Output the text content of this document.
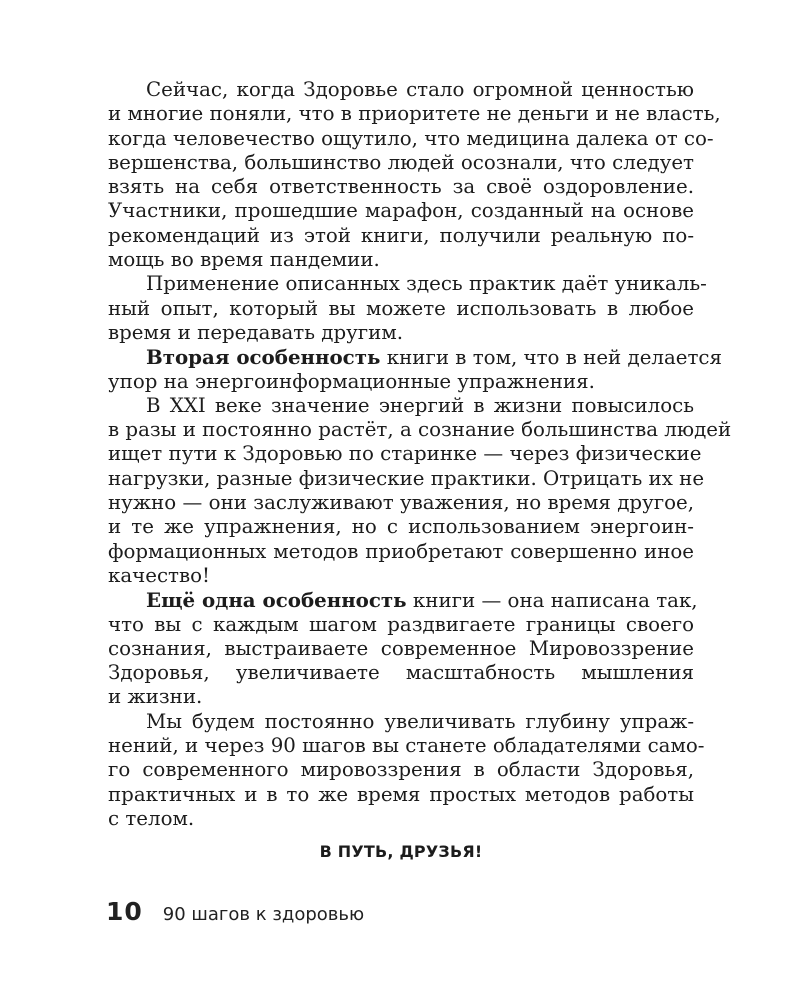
Сейчас, когда Здоровье стало огромной ценностью

и многие поняли, что в приоритете не деньги и не власть,

когда человечество ощутило, что медицина далека от со-

вершенства, большинство людей осознали, что следует

взять на себя ответственность за своё оздоровление.

Участники, прошедшие марафон, созданный на основе

рекомендаций из этой книги, получили реальную по-

мощь во время пандемии.

Применение описанных здесь практик даёт уникаль-

ный опыт, который вы можете использовать в любое

время и передавать другим.

Вторая особенность книги в том, что в ней делается

упор на энергоинформационные упражнения.

В XXI веке значение энергий в жизни повысилось

в разы и постоянно растёт, а сознание большинства людей

ищет пути к Здоровью по старинке — через физические

нагрузки, разные физические практики. Отрицать их не

нужно — они заслуживают уважения, но время другое,

и те же упражнения, но с использованием энергоин-

формационных методов приобретают совершенно иное

качество!

Ещё одна особенность книги — она написана так,

что вы с каждым шагом раздвигаете границы своего

сознания, выстраиваете современное Мировоззрение

Здоровья, увеличиваете масштабность мышления

и жизни.

Мы будем постоянно увеличивать глубину упраж-

нений, и через 90 шагов вы станете обладателями само-

го современного мировоззрения в области Здоровья,

практичных и в то же время простых методов работы

с телом.

В ПУТЬ, ДРУЗЬЯ!
10 90 шагов к здоровью
